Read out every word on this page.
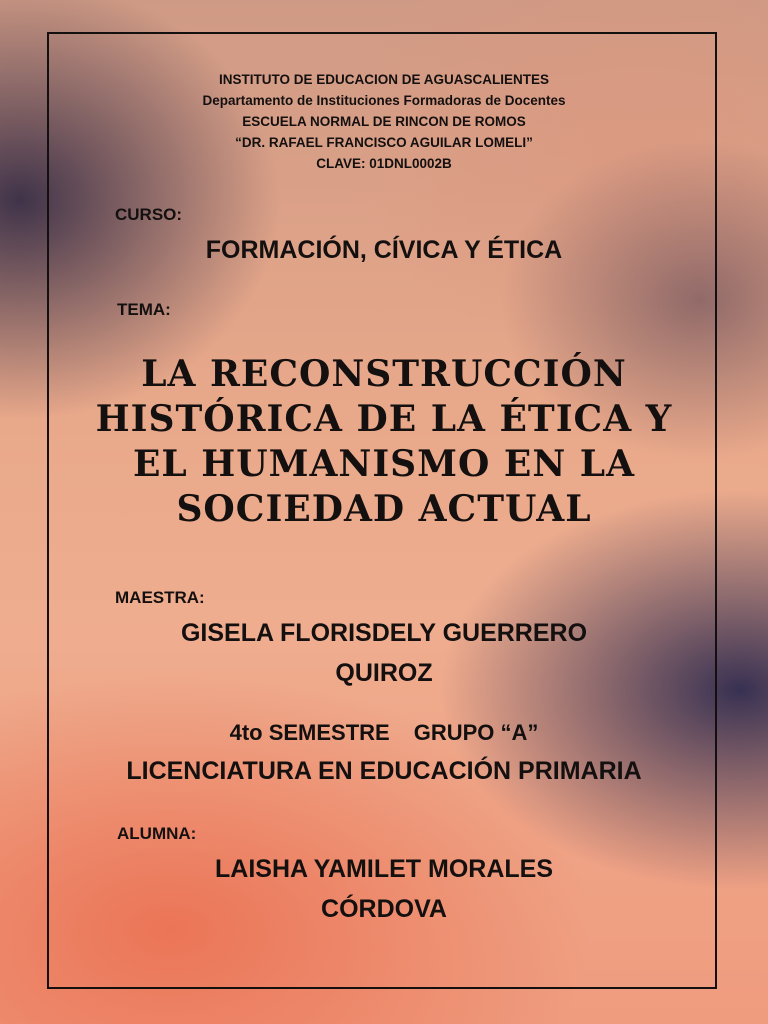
INSTITUTO DE EDUCACION DE AGUASCALIENTES
Departamento de Instituciones Formadoras de Docentes
ESCUELA NORMAL DE RINCON DE ROMOS
“DR. RAFAEL FRANCISCO AGUILAR LOMELI”
CLAVE: 01DNL0002B

CURSO:

FORMACIÓN, CÍVICA Y ÉTICA

TEMA:

LA RECONSTRUCCIÓN
HISTÓRICA DE LA ÉTICA Y
EL HUMANISMO EN LA
SOCIEDAD ACTUAL

MAESTRA:

GISELA FLORISDELY GUERRERO
QUIROZ
4to SEMESTRE GRUPO “A”
LICENCIATURA EN EDUCACIÓN PRIMARIA

ALUMNA:

LAISHA YAMILET MORALES
CÓRDOVA
